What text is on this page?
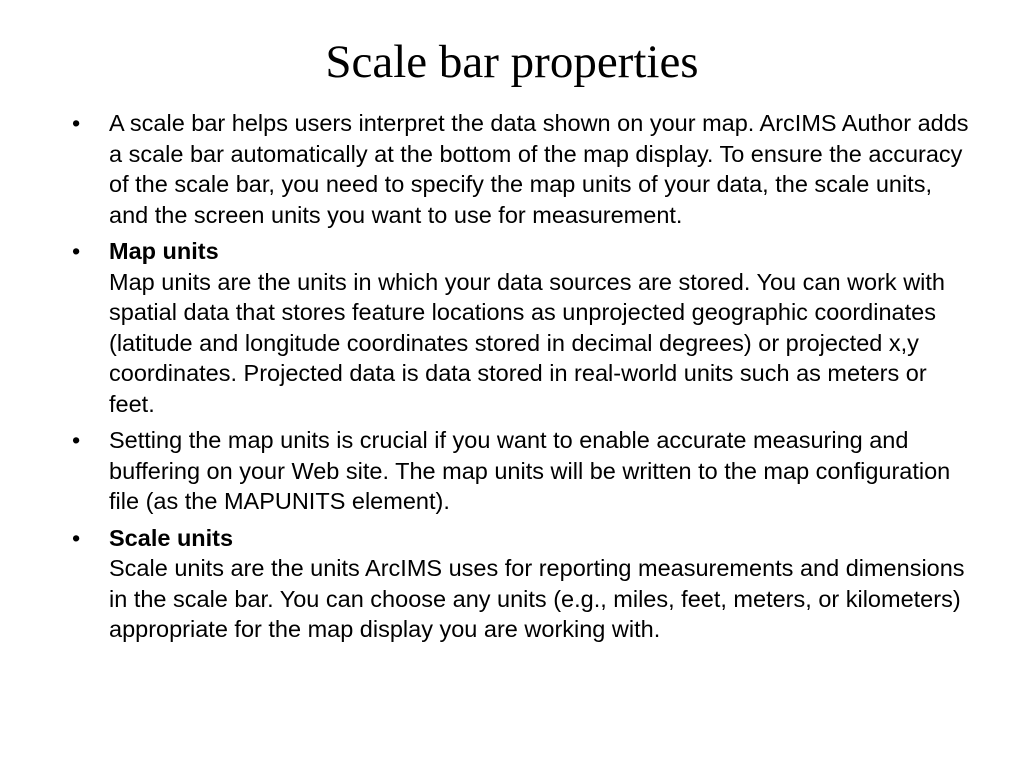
Scale bar properties
• A scale bar helps users interpret the data shown on your map. ArcIMS Author adds a scale bar automatically at the bottom of the map display. To ensure the accuracy of the scale bar, you need to specify the map units of your data, the scale units, and the screen units you want to use for measurement.
• Map units
Map units are the units in which your data sources are stored. You can work with spatial data that stores feature locations as unprojected geographic coordinates (latitude and longitude coordinates stored in decimal degrees) or projected x,y coordinates. Projected data is data stored in real-world units such as meters or feet.
• Setting the map units is crucial if you want to enable accurate measuring and buffering on your Web site. The map units will be written to the map configuration file (as the MAPUNITS element).
• Scale units
Scale units are the units ArcIMS uses for reporting measurements and dimensions in the scale bar. You can choose any units (e.g., miles, feet, meters, or kilometers) appropriate for the map display you are working with.
